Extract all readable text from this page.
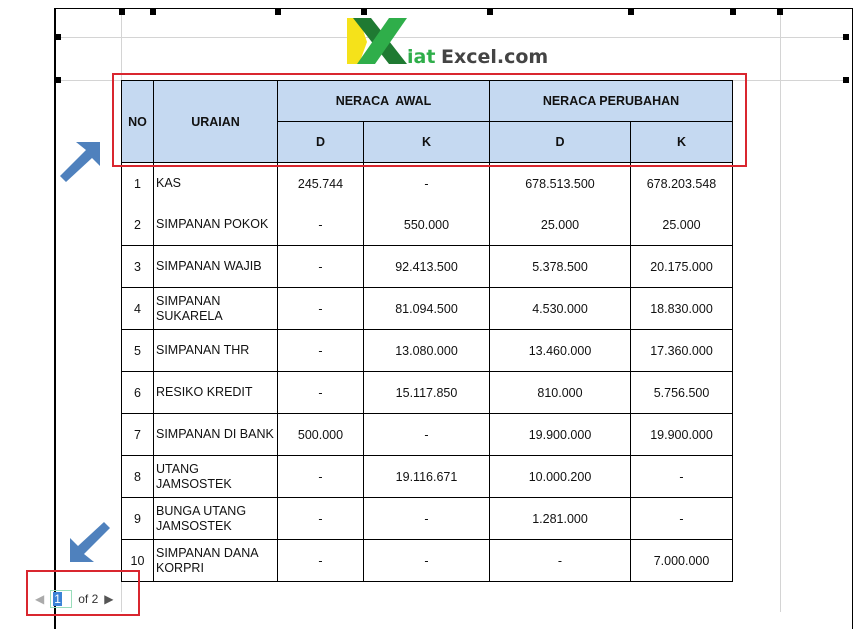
NO	URAIAN	NERACA  AWAL		NERACA PERUBAHAN	
		D	K	D	K
1	KAS	245.744	-	678.513.500	678.203.548
2	SIMPANAN POKOK	-	550.000	25.000	25.000
3	SIMPANAN WAJIB	-	92.413.500	5.378.500	20.175.000
4	SIMPANAN SUKARELA	-	81.094.500	4.530.000	18.830.000
5	SIMPANAN THR	-	13.080.000	13.460.000	17.360.000
6	RESIKO KREDIT	-	15.117.850	810.000	5.756.500
7	SIMPANAN DI BANK	500.000	-	19.900.000	19.900.000
8	UTANG JAMSOSTEK	-	19.116.671	10.000.200	-
9	BUNGA UTANG JAMSOSTEK	-	-	1.281.000	-
10	SIMPANAN DANA KORPRI	-	-	-	7.000.000
iat Excel.com
◀ 1 of 2 ▶
